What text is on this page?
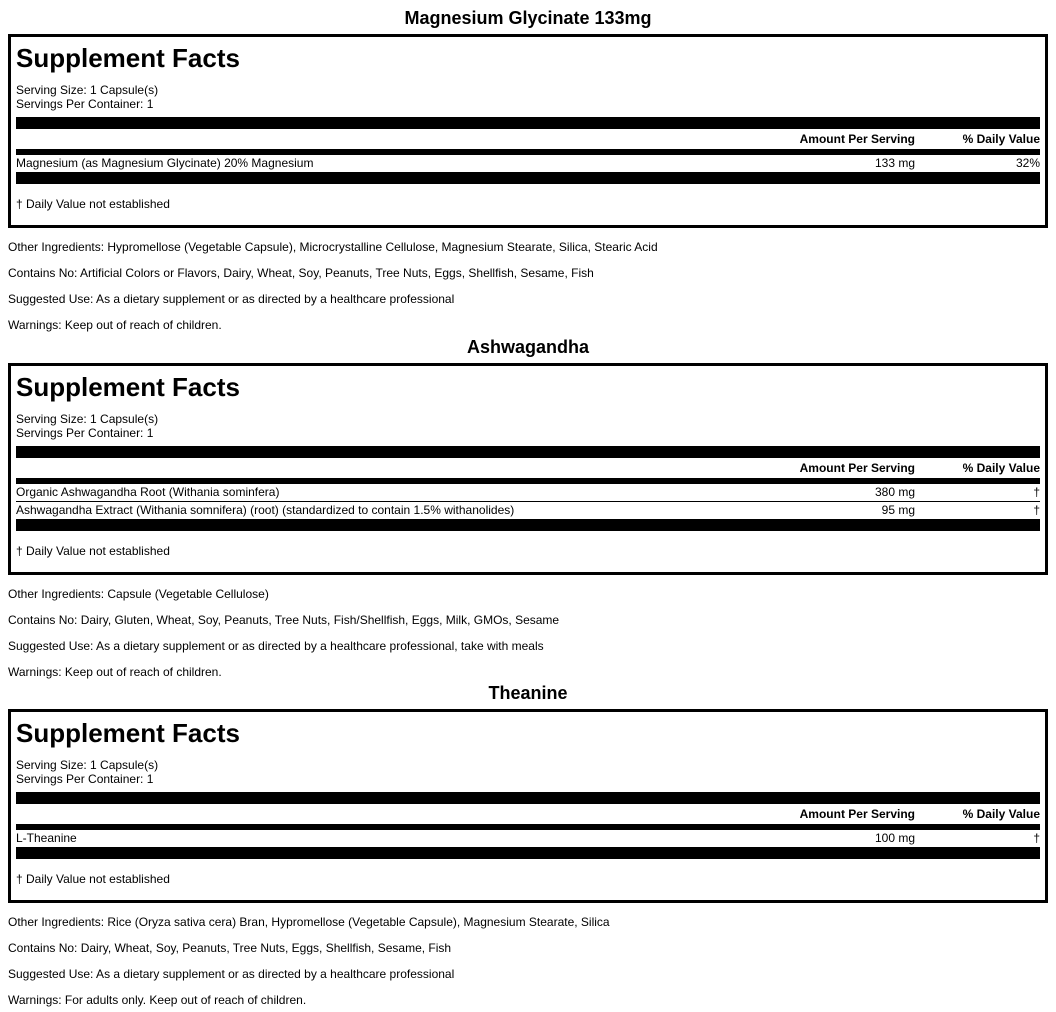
Magnesium Glycinate 133mg
Supplement Facts
Serving Size: 1 Capsule(s)
Servings Per Container: 1
Amount Per Serving	% Daily Value
Magnesium (as Magnesium Glycinate) 20% Magnesium	133 mg	32%
† Daily Value not established

Other Ingredients: Hypromellose (Vegetable Capsule), Microcrystalline Cellulose, Magnesium Stearate, Silica, Stearic Acid

Contains No: Artificial Colors or Flavors, Dairy, Wheat, Soy, Peanuts, Tree Nuts, Eggs, Shellfish, Sesame, Fish

Suggested Use: As a dietary supplement or as directed by a healthcare professional

Warnings: Keep out of reach of children.

Ashwagandha
Supplement Facts
Serving Size: 1 Capsule(s)
Servings Per Container: 1
Amount Per Serving	% Daily Value
Organic Ashwagandha Root (Withania sominfera)	380 mg	†
Ashwagandha Extract (Withania somnifera) (root) (standardized to contain 1.5% withanolides)	95 mg	†
† Daily Value not established

Other Ingredients: Capsule (Vegetable Cellulose)

Contains No: Dairy, Gluten, Wheat, Soy, Peanuts, Tree Nuts, Fish/Shellfish, Eggs, Milk, GMOs, Sesame

Suggested Use: As a dietary supplement or as directed by a healthcare professional, take with meals

Warnings: Keep out of reach of children.

Theanine
Supplement Facts
Serving Size: 1 Capsule(s)
Servings Per Container: 1
Amount Per Serving	% Daily Value
L-Theanine	100 mg	†
† Daily Value not established

Other Ingredients: Rice (Oryza sativa cera) Bran, Hypromellose (Vegetable Capsule), Magnesium Stearate, Silica

Contains No: Dairy, Wheat, Soy, Peanuts, Tree Nuts, Eggs, Shellfish, Sesame, Fish

Suggested Use: As a dietary supplement or as directed by a healthcare professional

Warnings: For adults only. Keep out of reach of children.
